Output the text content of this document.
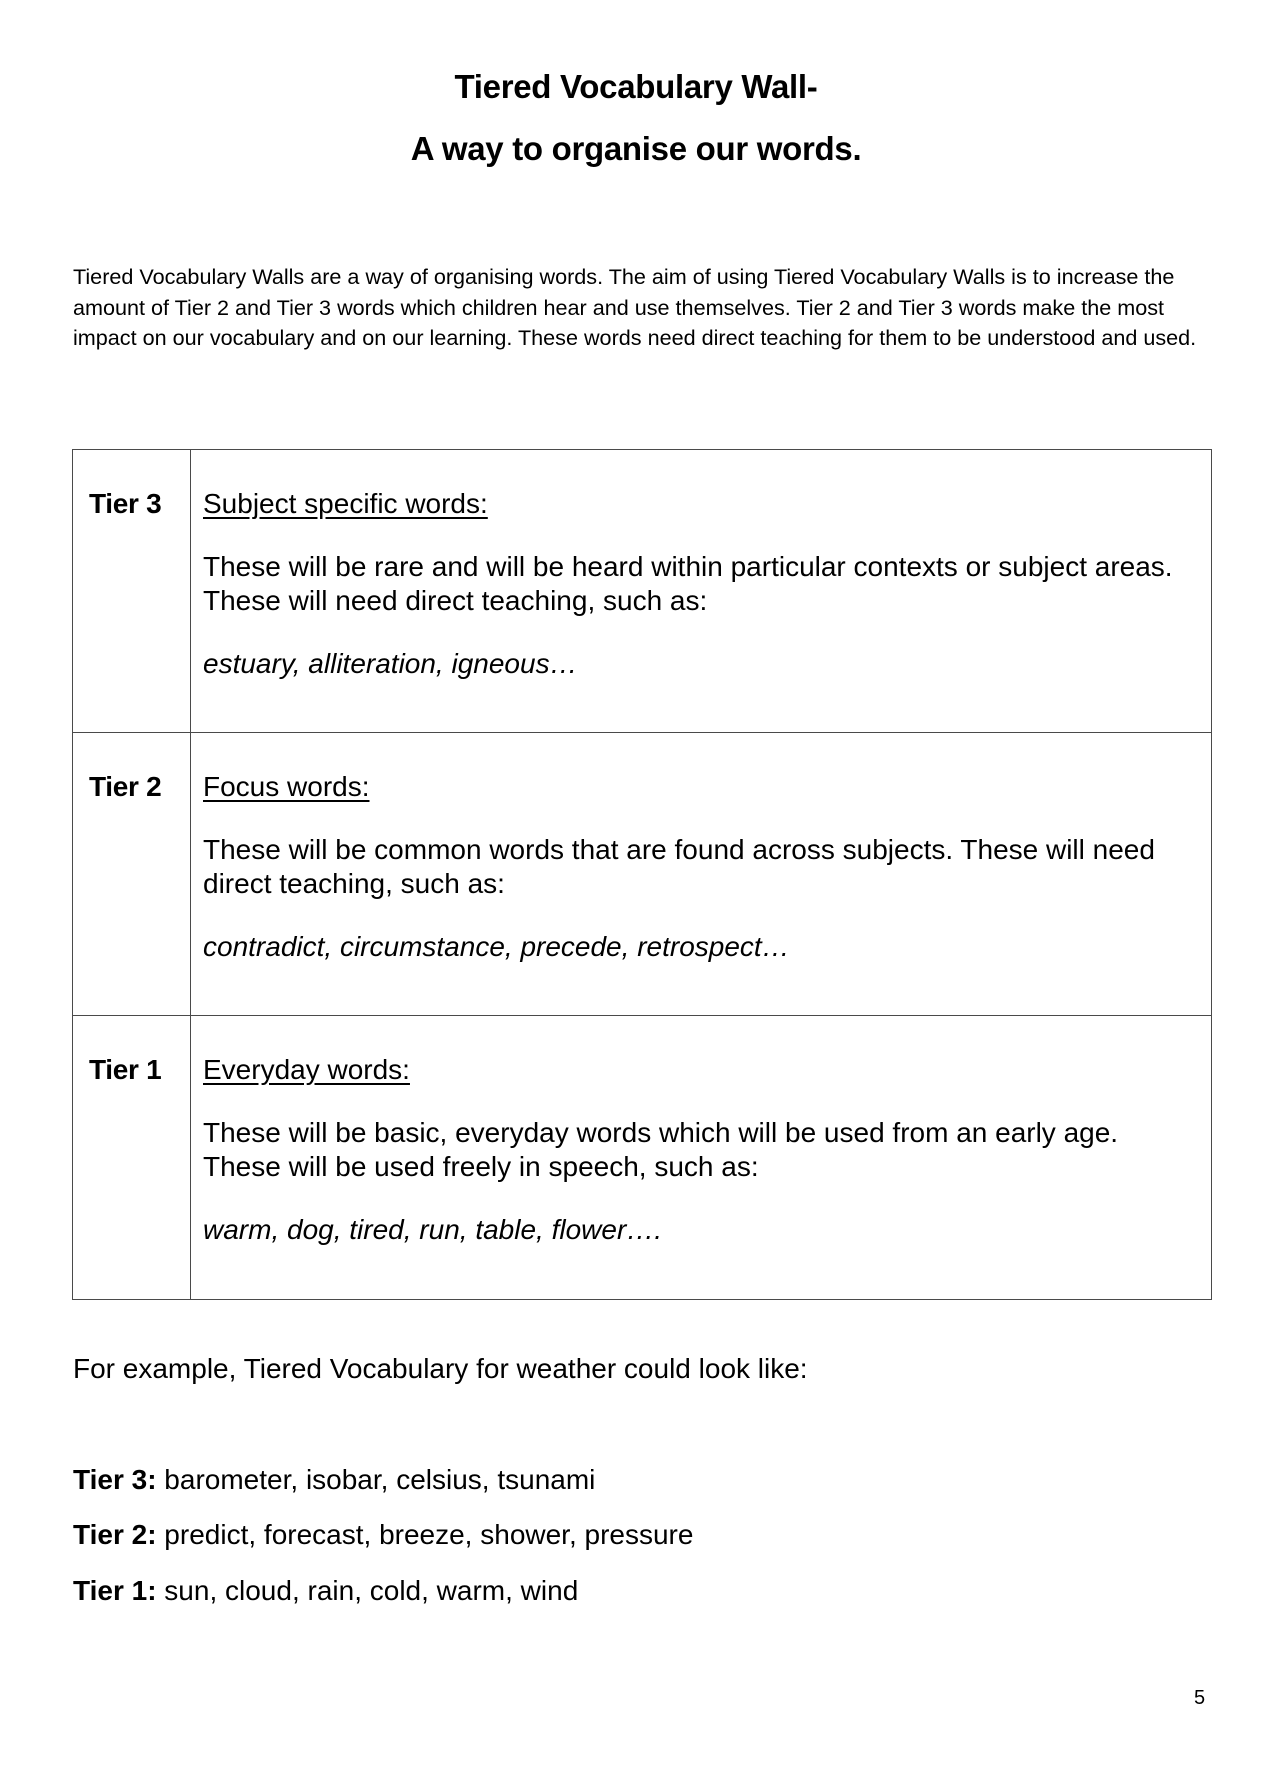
Tiered Vocabulary Wall-
A way to organise our words.

Tiered Vocabulary Walls are a way of organising words. The aim of using Tiered Vocabulary Walls is to increase the amount of Tier 2 and Tier 3 words which children hear and use themselves. Tier 2 and Tier 3 words make the most impact on our vocabulary and on our learning. These words need direct teaching for them to be understood and used.

Tier 3	Subject specific words:

These will be rare and will be heard within particular contexts or subject areas. These will need direct teaching, such as:

estuary, alliteration, igneous…

Tier 2	Focus words:

These will be common words that are found across subjects. These will need direct teaching, such as:

contradict, circumstance, precede, retrospect…

Tier 1	Everyday words:

These will be basic, everyday words which will be used from an early age. These will be used freely in speech, such as:

warm, dog, tired, run, table, flower….

For example, Tiered Vocabulary for weather could look like:
Tier 3: barometer, isobar, celsius, tsunami
Tier 2: predict, forecast, breeze, shower, pressure
Tier 1: sun, cloud, rain, cold, warm, wind
5
